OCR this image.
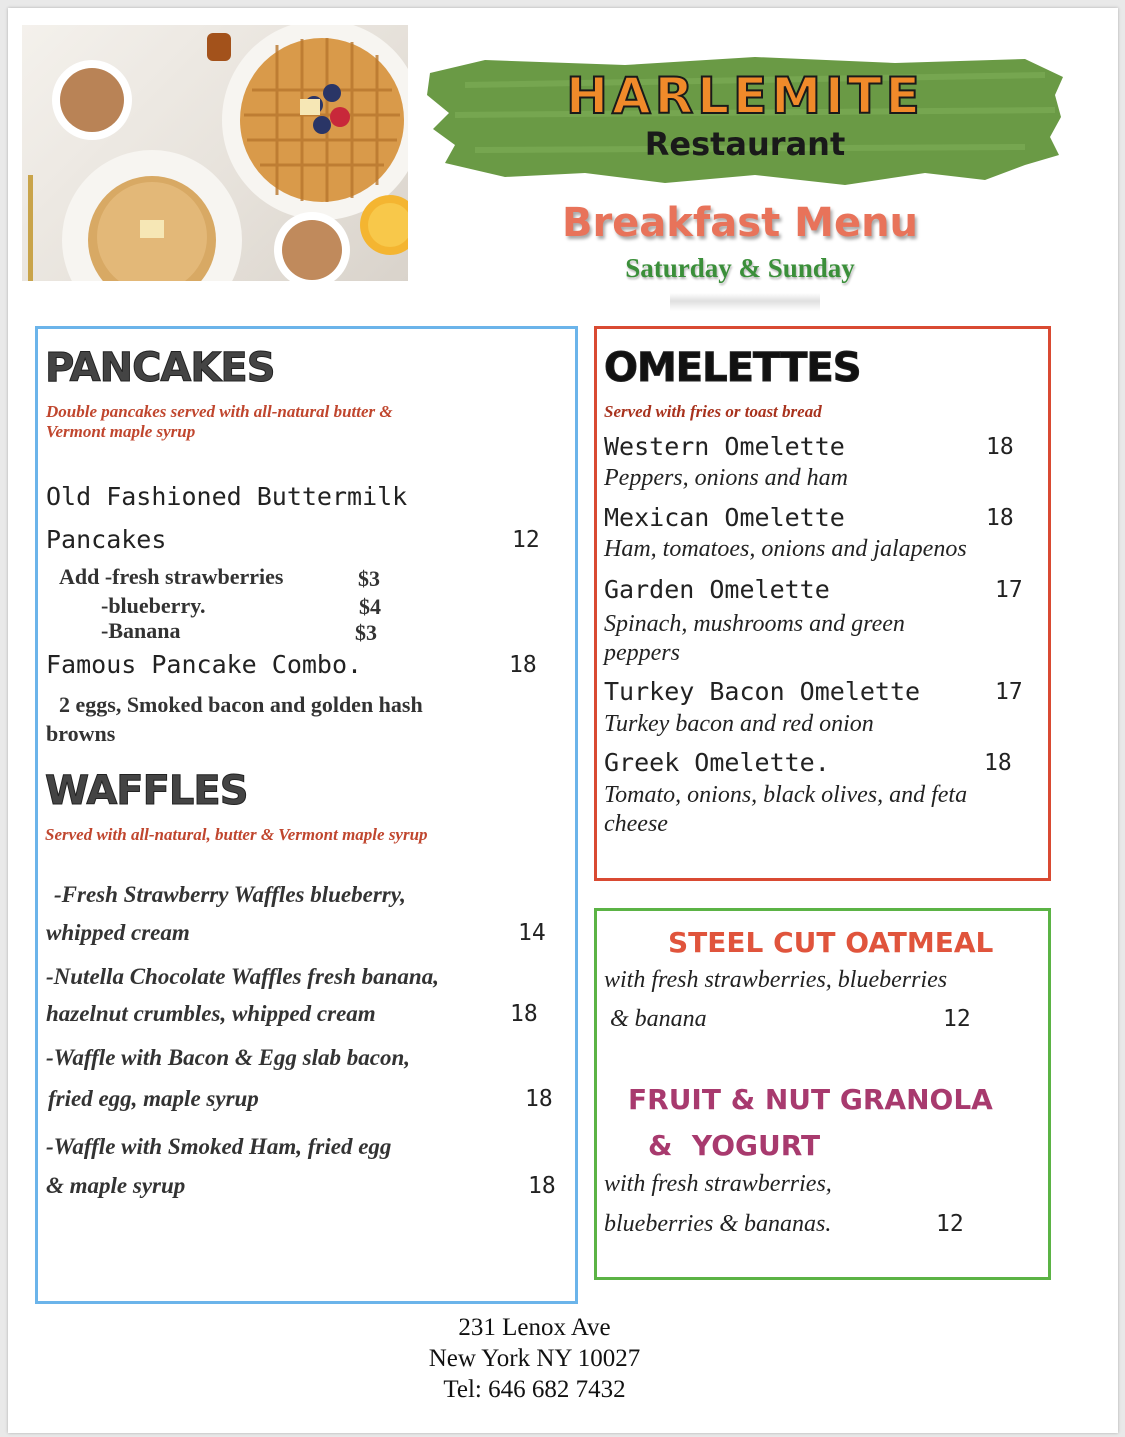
HARLEMITE
Restaurant
Breakfast Menu
Saturday & Sunday
PANCAKES
Double pancakes served with all-natural butter &
Vermont maple syrup
Old Fashioned Buttermilk
Pancakes	12
Add -fresh strawberries	$3
-blueberry.	$4
-Banana	$3
Famous Pancake Combo.	18
2 eggs, Smoked bacon and golden hash
browns
WAFFLES
Served with all-natural, butter & Vermont maple syrup
-Fresh Strawberry Waffles blueberry,
whipped cream	14
-Nutella Chocolate Waffles fresh banana,
hazelnut crumbles, whipped cream	18
-Waffle with Bacon & Egg slab bacon,
fried egg, maple syrup	18
-Waffle with Smoked Ham, fried egg
& maple syrup	18
OMELETTES
Served with fries or toast bread
Western Omelette	18
Peppers, onions and ham
Mexican Omelette	18
Ham, tomatoes, onions and jalapenos
Garden Omelette	17
Spinach, mushrooms and green
peppers
Turkey Bacon Omelette	17
Turkey bacon and red onion
Greek Omelette.	18
Tomato, onions, black olives, and feta
cheese
STEEL CUT OATMEAL
with fresh strawberries, blueberries
& banana	12
FRUIT & NUT GRANOLA
&  YOGURT
with fresh strawberries,
blueberries & bananas.	12
231 Lenox Ave
New York NY 10027
Tel: 646 682 7432
